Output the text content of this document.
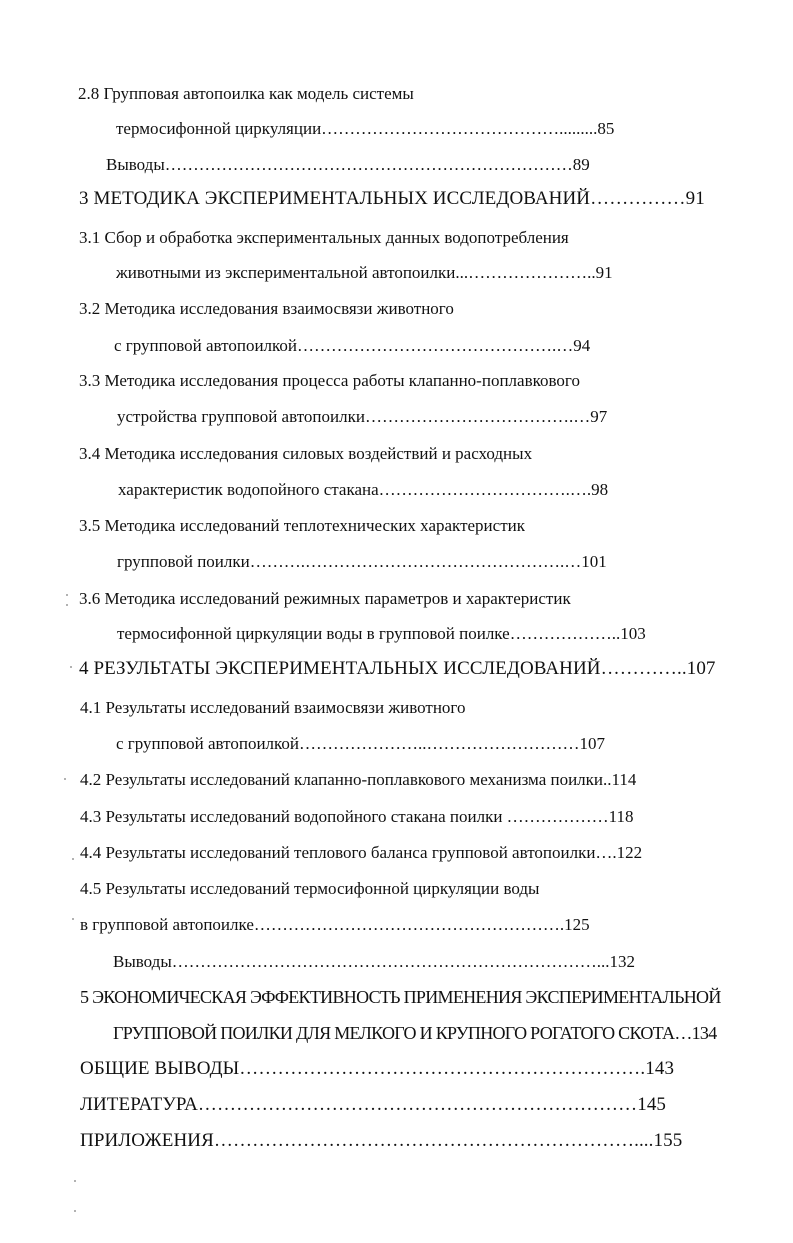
2.8 Групповая автопоилка как модель системы
термосифонной циркуляции…………………………………….........85
Выводы………………………………………………………………89
3 МЕТОДИКА ЭКСПЕРИМЕНТАЛЬНЫХ ИССЛЕДОВАНИЙ……………91
3.1 Сбор и обработка экспериментальных данных водопотребления
животными из экспериментальной автопоилки...…………………..91
3.2 Методика исследования взаимосвязи животного
с групповой автопоилкой……………………………………….…94
3.3 Методика исследования процесса работы клапанно-поплавкового
устройства групповой автопоилки……………………………….…97
3.4 Методика исследования силовых воздействий и расходных
характеристик водопойного стакана…………………………….….98
3.5 Методика исследований теплотехнических характеристик
групповой поилки……….……………………………………….…101
3.6 Методика исследований режимных параметров и характеристик
термосифонной циркуляции воды в групповой поилке………………..103
4 РЕЗУЛЬТАТЫ ЭКСПЕРИМЕНТАЛЬНЫХ ИССЛЕДОВАНИЙ…………..107
4.1 Результаты исследований взаимосвязи животного
с групповой автопоилкой…………………..………………………107
4.2 Результаты исследований клапанно-поплавкового механизма поилки..114
4.3 Результаты исследований водопойного стакана поилки ………………118
4.4 Результаты исследований теплового баланса групповой автопоилки….122
4.5 Результаты исследований термосифонной циркуляции воды
в групповой автопоилке……………………………………………….125
Выводы…………………………………………………………………...132
5 ЭКОНОМИЧЕСКАЯ ЭФФЕКТИВНОСТЬ ПРИМЕНЕНИЯ ЭКСПЕРИМЕНТАЛЬНОЙ
ГРУППОВОЙ ПОИЛКИ ДЛЯ МЕЛКОГО И КРУПНОГО РОГАТОГО СКОТА…134
ОБЩИЕ ВЫВОДЫ……………………………………………………….143
ЛИТЕРАТУРА……………………………………………………………145
ПРИЛОЖЕНИЯ…………………………………………………………....155
